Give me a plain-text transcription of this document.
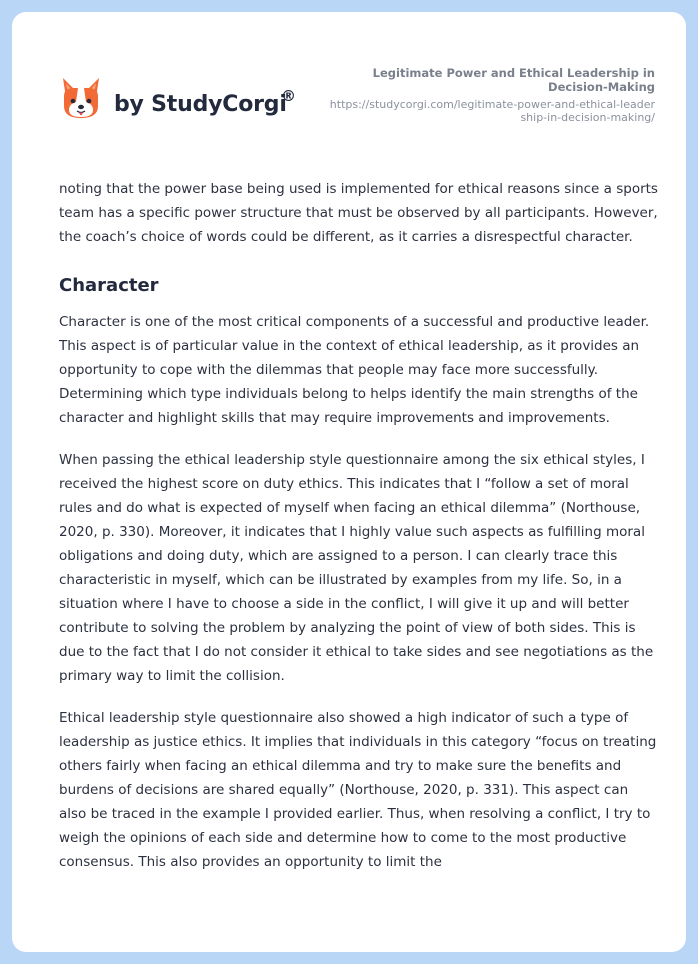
by StudyCorgi
®
Legitimate Power and Ethical Leadership in Decision-Making
https://studycorgi.com/legitimate-power-and-ethical-leadership-in-decision-making/

noting that the power base being used is implemented for ethical reasons since a sports team has a specific power structure that must be observed by all participants. However, the coach’s choice of words could be different, as it carries a disrespectful character.

Character

Character is one of the most critical components of a successful and productive leader. This aspect is of particular value in the context of ethical leadership, as it provides an opportunity to cope with the dilemmas that people may face more successfully. Determining which type individuals belong to helps identify the main strengths of the character and highlight skills that may require improvements and improvements.

When passing the ethical leadership style questionnaire among the six ethical styles, I received the highest score on duty ethics. This indicates that I “follow a set of moral rules and do what is expected of myself when facing an ethical dilemma” (Northouse, 2020, p. 330). Moreover, it indicates that I highly value such aspects as fulfilling moral obligations and doing duty, which are assigned to a person. I can clearly trace this characteristic in myself, which can be illustrated by examples from my life. So, in a situation where I have to choose a side in the conflict, I will give it up and will better contribute to solving the problem by analyzing the point of view of both sides. This is due to the fact that I do not consider it ethical to take sides and see negotiations as the primary way to limit the collision.

Ethical leadership style questionnaire also showed a high indicator of such a type of leadership as justice ethics. It implies that individuals in this category “focus on treating others fairly when facing an ethical dilemma and try to make sure the benefits and burdens of decisions are shared equally” (Northouse, 2020, p. 331). This aspect can also be traced in the example I provided earlier. Thus, when resolving a conflict, I try to weigh the opinions of each side and determine how to come to the most productive consensus. This also provides an opportunity to limit the
